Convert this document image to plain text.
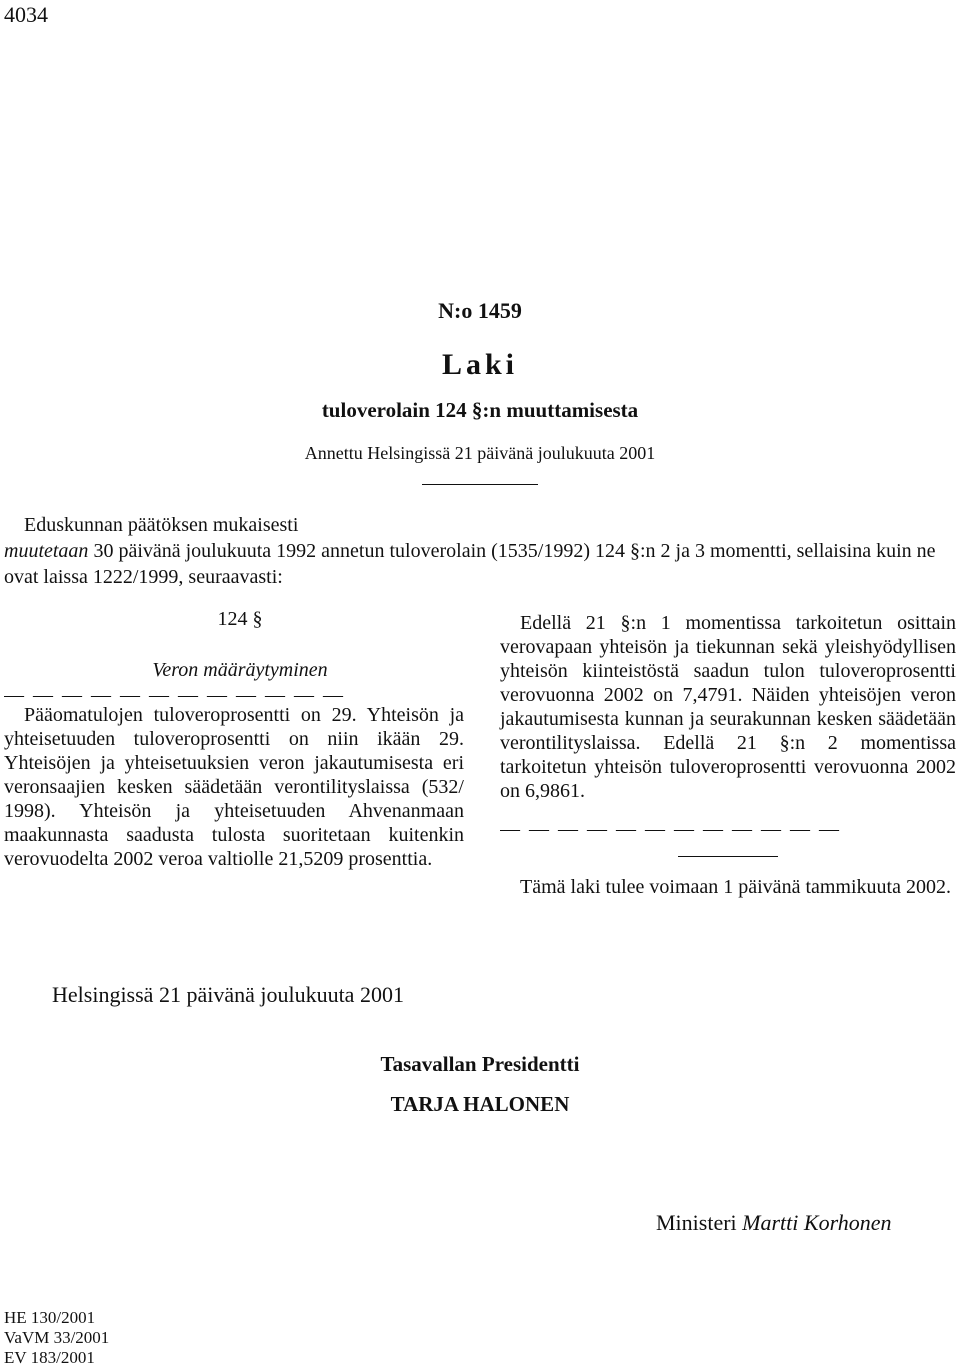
4034
N:o 1459
Laki
tuloverolain 124 §:n muuttamisesta
Annettu Helsingissä 21 päivänä joulukuuta 2001

Eduskunnan päätöksen mukaisesti

muutetaan 30 päivänä joulukuuta 1992 annetun tuloverolain (1535/1992) 124 §:n 2 ja 3 momentti, sellaisina kuin ne ovat laissa 1222/1999, seuraavasti:

124 §
Veron määräytyminen
— — — — — — — — — — — —

Pääomatulojen tuloveroprosentti on 29. Yhteisön ja yhteisetuuden tuloveroprosentti on niin ikään 29. Yhteisöjen ja yhteisetuuksien veron jakautumisesta eri veronsaajien kesken säädetään verontilityslaissa (532/ 1998). Yhteisön ja yhteisetuuden Ahvenanmaan maakunnasta saadusta tulosta suoritetaan kuitenkin verovuodelta 2002 veroa valtiolle 21,5209 prosenttia.

Edellä 21 §:n 1 momentissa tarkoitetun osittain verovapaan yhteisön ja tiekunnan sekä yleishyödyllisen yhteisön kiinteistöstä saadun tulon tuloveroprosentti verovuonna 2002 on 7,4791. Näiden yhteisöjen veron jakautumisesta kunnan ja seurakunnan kesken säädetään verontilityslaissa. Edellä 21 §:n 2 momentissa tarkoitetun yhteisön tuloveroprosentti verovuonna 2002 on 6,9861.

— — — — — — — — — — — —

Tämä laki tulee voimaan 1 päivänä tammikuuta 2002.

Helsingissä 21 päivänä joulukuuta 2001
Tasavallan Presidentti
TARJA HALONEN
Ministeri Martti Korhonen
HE 130/2001
VaVM 33/2001
EV 183/2001
